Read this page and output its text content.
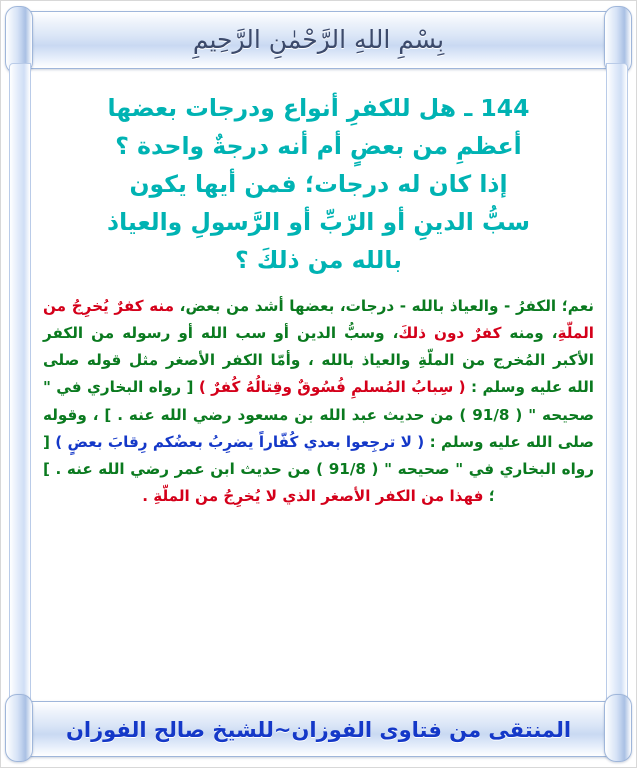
بِسْمِ اللهِ الرَّحْمٰنِ الرَّحِيمِ
144 ـ هل للكفرِ أنواع ودرجات بعضها
أعظمِ من بعضٍ أم أنه درجةٌ واحدة ؟
إذا كان له درجات؛ فمن أيها يكون
سبُّ الدينِ أو الرّبِّ أو الرَّسولِ والعياذ
بالله من ذلكَ ؟

نعم؛ الكفرُ - والعياذ بالله - درجات، بعضها أشد من بعض، منه كفرٌ يُخرِجُ من الملّةِ، ومنه كفرٌ دون ذلكَ، وسبُّ الدين أو سب الله أو رسوله من الكفر الأكبر المُخرج من الملّةِ والعياذ بالله ، وأمّا الكفر الأصغر مثل قوله صلى الله عليه وسلم : ( سِبابُ المُسلمِ فُسُوقٌ وقِتالُهُ كُفرٌ ) [ رواه البخاري في " صحيحه " ( 91/8 ) من حديث عبد الله بن مسعود رضي الله عنه . ] ، وقوله صلى الله عليه وسلم : ( لا ترجِعوا بعدي كُفّاراً يضرِبُ بعضُكم رِقابَ بعضٍ ) [ رواه البخاري في " صحيحه " ( 91/8 ) من حديث ابن عمر رضي الله عنه . ] ؛ فهذا من الكفر الأصغر الذي لا يُخرِجُ من الملّةِ .

المنتقى من فتاوى الفوزان~للشيخ صالح الفوزان
